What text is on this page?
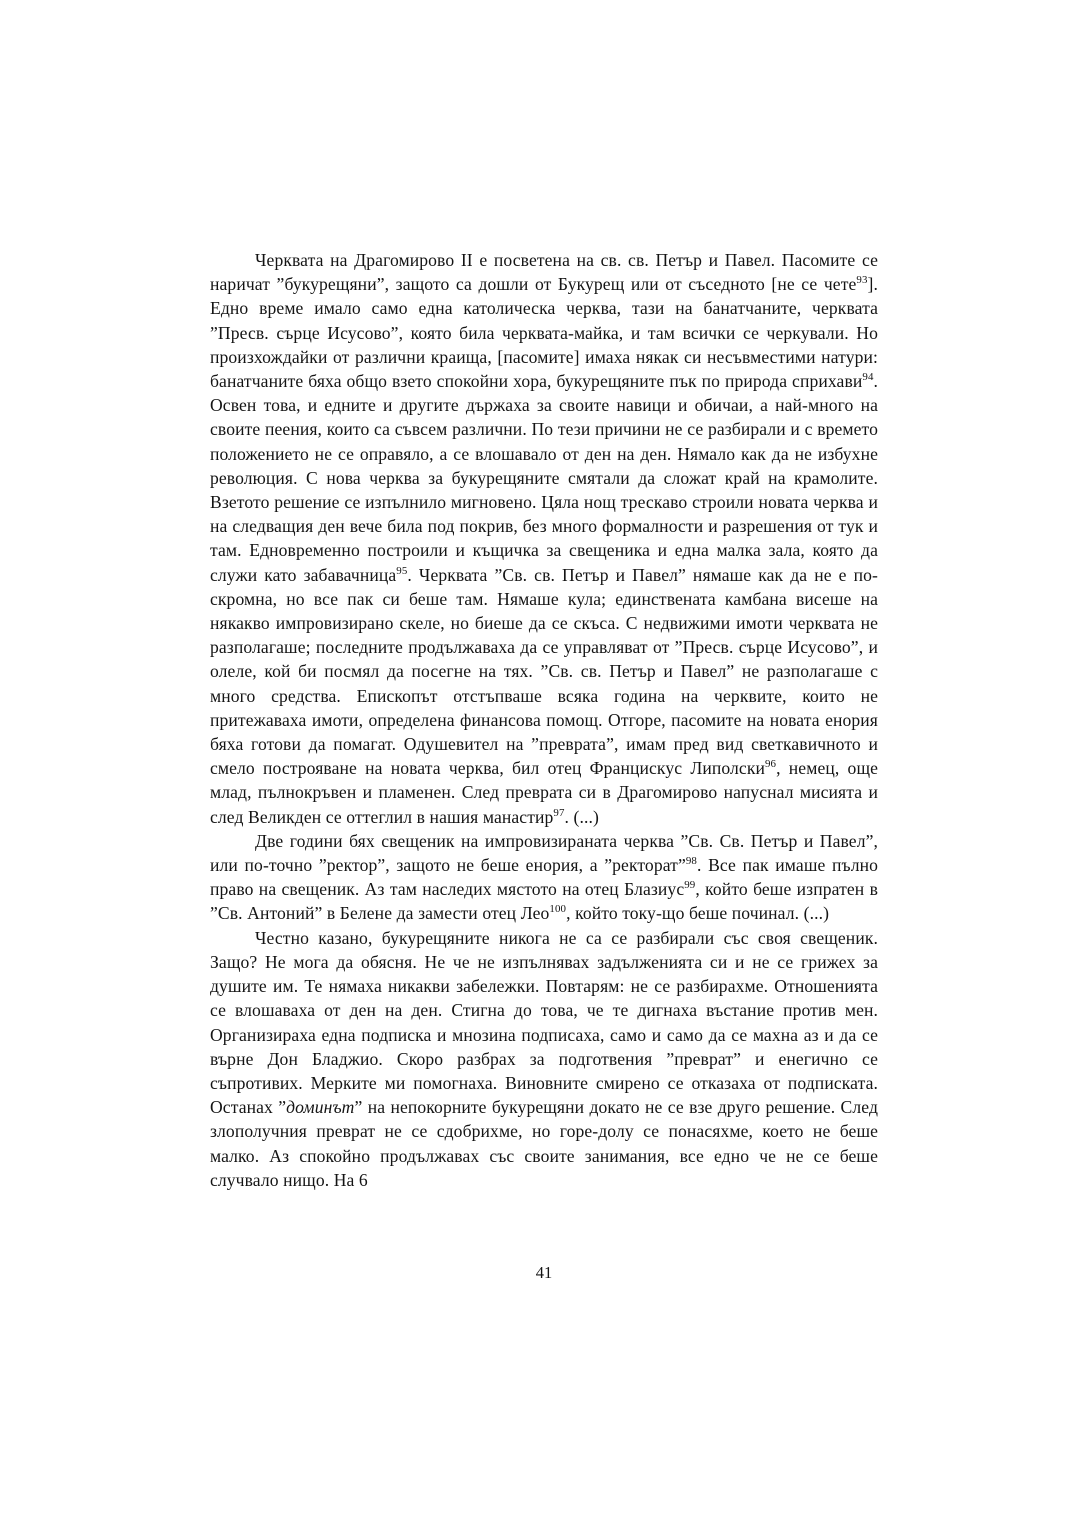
Черквата на Драгомирово II е посветена на св. св. Петър и Павел. Пасомите се наричат ”букурещяни”, защото са дошли от Букурещ или от съседното [не се чете$^{93}$]. Едно време имало само една католическа черква, тази на банатчаните, черквата ”Пресв. сърце Исусово”, която била черквата-майка, и там всички се черкували. Но произхождайки от различни краища, [пасомите] имаха някак си несъвместими натури: банатчаните бяха общо взето спокойни хора, букурещяните пък по природа сприхави$^{94}$. Освен това, и едните и другите държаха за своите навици и обичаи, а най-много на своите пеения, които са съвсем различни. По тези причини не се разбирали и с времето положението не се оправяло, а се влошавало от ден на ден. Нямало как да не избухне революция. С нова черква за букурещяните смятали да сложат край на крамолите. Взетото решение се изпълнило мигновено. Цяла нощ трескаво строили новата черква и на следващия ден вече била под покрив, без много формалности и разрешения от тук и там. Едновременно построили и къщичка за свещеника и една малка зала, която да служи като забавачница$^{95}$. Черквата ”Св. св. Петър и Павел” нямаше как да не е по-скромна, но все пак си беше там. Нямаше кула; единствената камбана висеше на някакво импровизирано скеле, но биеше да се скъса. С недвижими имоти черквата не разполагаше; последните продължаваха да се управляват от ”Пресв. сърце Исусово”, и олеле, кой би посмял да посегне на тях. ”Св. св. Петър и Павел” не разполагаше с много средства. Епископът отстъпваше всяка година на черквите, които не притежаваха имоти, определена финансова помощ. Отгоре, пасомите на новата енория бяха готови да помагат. Одушевител на ”преврата”, имам пред вид светкавичното и смело построяване на новата черква, бил отец Францискус Липолски$^{96}$, немец, още млад, пълнокръвен и пламенен. След преврата си в Драгомирово напуснал мисията и след Великден се оттеглил в нашия манастир$^{97}$. (...)

Две години бях свещеник на импровизираната черква ”Св. Св. Петър и Павел”, или по-точно ”ректор”, защото не беше енория, а ”ректорат”$^{98}$. Все пак имаше пълно право на свещеник. Аз там наследих мястото на отец Блазиус$^{99}$, който беше изпратен в ”Св. Антоний” в Белене да замести отец Лео$^{100}$, който току-що беше починал. (...)

Честно казано, букурещяните никога не са се разбирали със своя свещеник. Защо? Не мога да обясня. Не че не изпълнявах задълженията си и не се грижех за душите им. Те нямаха никакви забележки. Повтарям: не се разбирахме. Отношенията се влошаваха от ден на ден. Стигна до това, че те дигнаха въстание против мен. Организираха една подписка и мнозина подписаха, само и само да се махна аз и да се върне Дон Бладжио. Скоро разбрах за подготвения ”преврат” и енегично се съпротивих. Мерките ми помогнаха. Виновните смирено се отказаха от подписката. Останах ”доминът” на непокорните букурещяни докато не се взе друго решение. След злополучния преврат не се сдобрихме, но горе-долу се понасяхме, което не беше малко. Аз спокойно продължавах със своите занимания, все едно че не се беше случвало нищо. На 6

41
